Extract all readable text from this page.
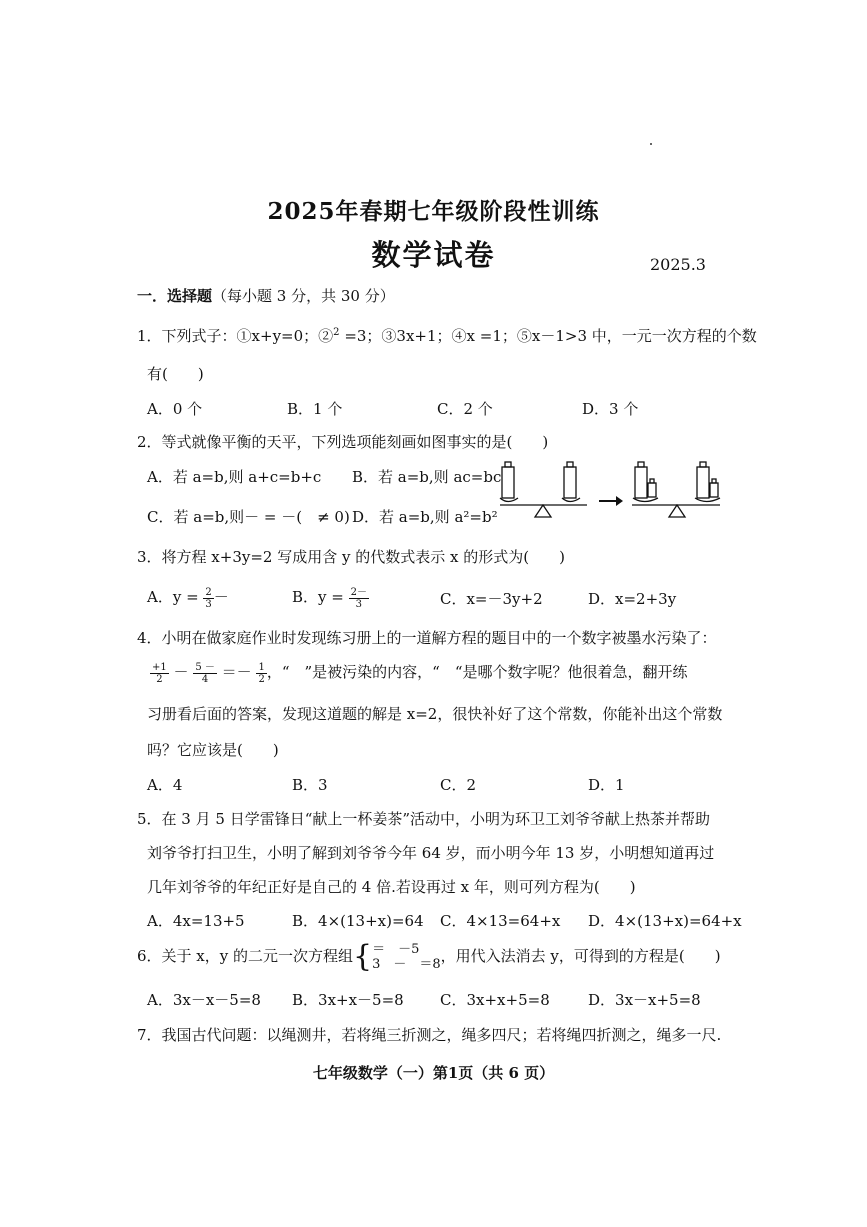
2025年春期七年级阶段性训练
数学试卷	2025.3
一．选择题（每小题 3 分，共 30 分）
1．下列式子：①x+y=0；②$^2$ =3；③3x+1；④x =1；⑤x－1>3 中，一元一次方程的个数
有(　　)
A．0 个	B．1 个	C．2 个	D．3 个
2．等式就像平衡的天平，下列选项能刻画如图事实的是(　　)
A．若 a=b,则 a+c=b+c B．若 a=b,则 ac=bc
C．若 a=b,则－ = －(　≠ 0) D．若 a=b,则 a²=b²
3．将方程 x+3y=2 写成用含 y 的代数式表示 x 的形式为(　　)
A．$y = \frac{2}{3}$ －	B．$y = \frac{2-}{3}$	C．x=－3y+2	D．x=2+3y
4．小明在做家庭作业时发现练习册上的一道解方程的题目中的一个数字被墨水污染了：
$\frac{+1}{2} - \frac{5 -}{4} =- \frac{1}{2}$ ，“　”是被污染的内容，“　“是哪个数字呢？他很着急，翻开练
习册看后面的答案，发现这道题的解是 x=2，很快补好了这个常数，你能补出这个常数
吗？它应该是(　　)
A．4	B．3	C．2	D．1
5．在 3 月 5 日学雷锋日“献上一杯姜茶”活动中，小明为环卫工刘爷爷献上热茶并帮助
刘爷爷打扫卫生，小明了解到刘爷爷今年 64 岁，而小明今年 13 岁，小明想知道再过
几年刘爷爷的年纪正好是自己的 4 倍.若设再过 x 年，则可列方程为(　　)
A．4x=13+5	B．4×(13+x)=64 C．4×13=64+x D．4×(13+x)=64+x
6．关于 x，y 的二元一次方程组{ ＝　－5
3　－　＝8 ，用代入法消去 y，可得到的方程是(　　)
A．3x－x－5=8 B．3x+x－5=8 C．3x+x+5=8	D．3x－x+5=8
7．我国古代问题：以绳测井，若将绳三折测之，绳多四尺；若将绳四折测之，绳多一尺.
七年级数学（一）第1页（共 6 页）
